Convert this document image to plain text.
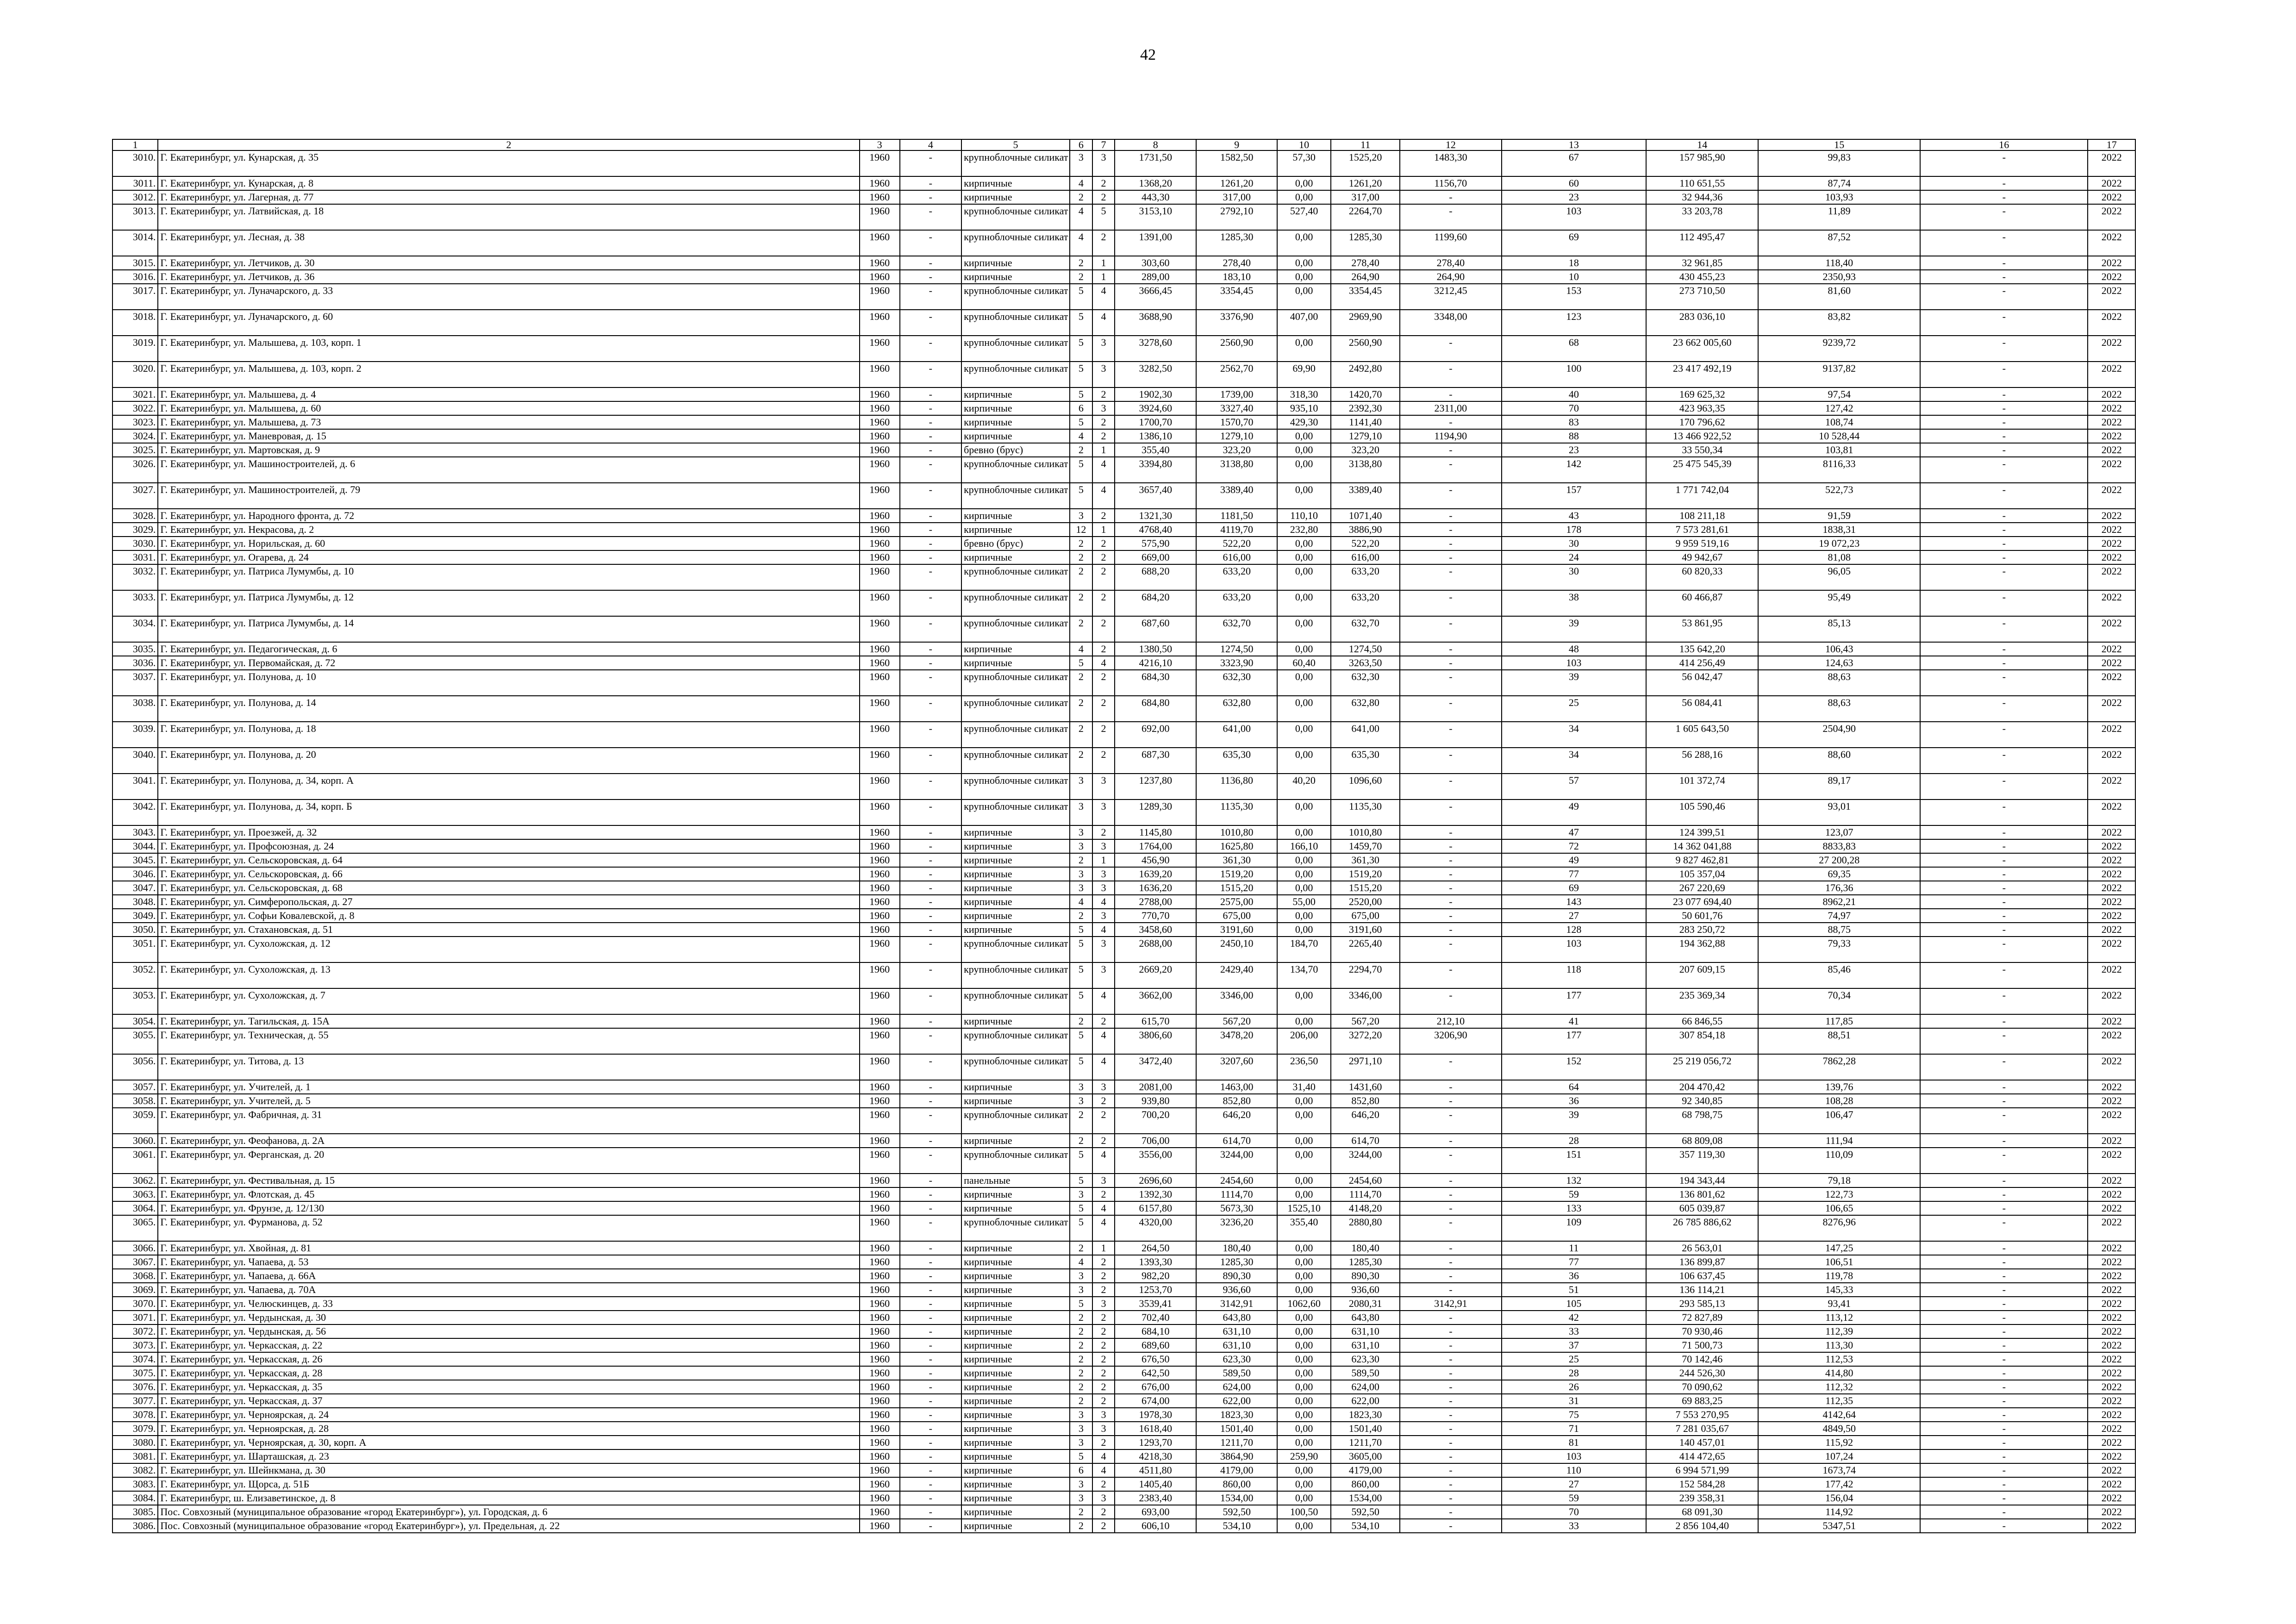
42
1	2	3	4	5	6	7	8	9	10	11	12	13	14	15	16	17
3010.	Г. Екатеринбург, ул. Кунарская, д. 35	1960	-	крупноблочные силикат	3	3	1731,50	1582,50	57,30	1525,20	1483,30	67	157 985,90	99,83	-	2022
3011.	Г. Екатеринбург, ул. Кунарская, д. 8	1960	-	кирпичные	4	2	1368,20	1261,20	0,00	1261,20	1156,70	60	110 651,55	87,74	-	2022
3012.	Г. Екатеринбург, ул. Лагерная, д. 77	1960	-	кирпичные	2	2	443,30	317,00	0,00	317,00	-	23	32 944,36	103,93	-	2022
3013.	Г. Екатеринбург, ул. Латвийская, д. 18	1960	-	крупноблочные силикат	4	5	3153,10	2792,10	527,40	2264,70	-	103	33 203,78	11,89	-	2022
3014.	Г. Екатеринбург, ул. Лесная, д. 38	1960	-	крупноблочные силикат	4	2	1391,00	1285,30	0,00	1285,30	1199,60	69	112 495,47	87,52	-	2022
3015.	Г. Екатеринбург, ул. Летчиков, д. 30	1960	-	кирпичные	2	1	303,60	278,40	0,00	278,40	278,40	18	32 961,85	118,40	-	2022
3016.	Г. Екатеринбург, ул. Летчиков, д. 36	1960	-	кирпичные	2	1	289,00	183,10	0,00	264,90	264,90	10	430 455,23	2350,93	-	2022
3017.	Г. Екатеринбург, ул. Луначарского, д. 33	1960	-	крупноблочные силикат	5	4	3666,45	3354,45	0,00	3354,45	3212,45	153	273 710,50	81,60	-	2022
3018.	Г. Екатеринбург, ул. Луначарского, д. 60	1960	-	крупноблочные силикат	5	4	3688,90	3376,90	407,00	2969,90	3348,00	123	283 036,10	83,82	-	2022
3019.	Г. Екатеринбург, ул. Малышева, д. 103, корп. 1	1960	-	крупноблочные силикат	5	3	3278,60	2560,90	0,00	2560,90	-	68	23 662 005,60	9239,72	-	2022
3020.	Г. Екатеринбург, ул. Малышева, д. 103, корп. 2	1960	-	крупноблочные силикат	5	3	3282,50	2562,70	69,90	2492,80	-	100	23 417 492,19	9137,82	-	2022
3021.	Г. Екатеринбург, ул. Малышева, д. 4	1960	-	кирпичные	5	2	1902,30	1739,00	318,30	1420,70	-	40	169 625,32	97,54	-	2022
3022.	Г. Екатеринбург, ул. Малышева, д. 60	1960	-	кирпичные	6	3	3924,60	3327,40	935,10	2392,30	2311,00	70	423 963,35	127,42	-	2022
3023.	Г. Екатеринбург, ул. Малышева, д. 73	1960	-	кирпичные	5	2	1700,70	1570,70	429,30	1141,40	-	83	170 796,62	108,74	-	2022
3024.	Г. Екатеринбург, ул. Маневровая, д. 15	1960	-	кирпичные	4	2	1386,10	1279,10	0,00	1279,10	1194,90	88	13 466 922,52	10 528,44	-	2022
3025.	Г. Екатеринбург, ул. Мартовская, д. 9	1960	-	бревно (брус)	2	1	355,40	323,20	0,00	323,20	-	23	33 550,34	103,81	-	2022
3026.	Г. Екатеринбург, ул. Машиностроителей, д. 6	1960	-	крупноблочные силикат	5	4	3394,80	3138,80	0,00	3138,80	-	142	25 475 545,39	8116,33	-	2022
3027.	Г. Екатеринбург, ул. Машиностроителей, д. 79	1960	-	крупноблочные силикат	5	4	3657,40	3389,40	0,00	3389,40	-	157	1 771 742,04	522,73	-	2022
3028.	Г. Екатеринбург, ул. Народного фронта, д. 72	1960	-	кирпичные	3	2	1321,30	1181,50	110,10	1071,40	-	43	108 211,18	91,59	-	2022
3029.	Г. Екатеринбург, ул. Некрасова, д. 2	1960	-	кирпичные	12	1	4768,40	4119,70	232,80	3886,90	-	178	7 573 281,61	1838,31	-	2022
3030.	Г. Екатеринбург, ул. Норильская, д. 60	1960	-	бревно (брус)	2	2	575,90	522,20	0,00	522,20	-	30	9 959 519,16	19 072,23	-	2022
3031.	Г. Екатеринбург, ул. Огарева, д. 24	1960	-	кирпичные	2	2	669,00	616,00	0,00	616,00	-	24	49 942,67	81,08	-	2022
3032.	Г. Екатеринбург, ул. Патриса Лумумбы, д. 10	1960	-	крупноблочные силикат	2	2	688,20	633,20	0,00	633,20	-	30	60 820,33	96,05	-	2022
3033.	Г. Екатеринбург, ул. Патриса Лумумбы, д. 12	1960	-	крупноблочные силикат	2	2	684,20	633,20	0,00	633,20	-	38	60 466,87	95,49	-	2022
3034.	Г. Екатеринбург, ул. Патриса Лумумбы, д. 14	1960	-	крупноблочные силикат	2	2	687,60	632,70	0,00	632,70	-	39	53 861,95	85,13	-	2022
3035.	Г. Екатеринбург, ул. Педагогическая, д. 6	1960	-	кирпичные	4	2	1380,50	1274,50	0,00	1274,50	-	48	135 642,20	106,43	-	2022
3036.	Г. Екатеринбург, ул. Первомайская, д. 72	1960	-	кирпичные	5	4	4216,10	3323,90	60,40	3263,50	-	103	414 256,49	124,63	-	2022
3037.	Г. Екатеринбург, ул. Полунова, д. 10	1960	-	крупноблочные силикат	2	2	684,30	632,30	0,00	632,30	-	39	56 042,47	88,63	-	2022
3038.	Г. Екатеринбург, ул. Полунова, д. 14	1960	-	крупноблочные силикат	2	2	684,80	632,80	0,00	632,80	-	25	56 084,41	88,63	-	2022
3039.	Г. Екатеринбург, ул. Полунова, д. 18	1960	-	крупноблочные силикат	2	2	692,00	641,00	0,00	641,00	-	34	1 605 643,50	2504,90	-	2022
3040.	Г. Екатеринбург, ул. Полунова, д. 20	1960	-	крупноблочные силикат	2	2	687,30	635,30	0,00	635,30	-	34	56 288,16	88,60	-	2022
3041.	Г. Екатеринбург, ул. Полунова, д. 34, корп. А	1960	-	крупноблочные силикат	3	3	1237,80	1136,80	40,20	1096,60	-	57	101 372,74	89,17	-	2022
3042.	Г. Екатеринбург, ул. Полунова, д. 34, корп. Б	1960	-	крупноблочные силикат	3	3	1289,30	1135,30	0,00	1135,30	-	49	105 590,46	93,01	-	2022
3043.	Г. Екатеринбург, ул. Проезжей, д. 32	1960	-	кирпичные	3	2	1145,80	1010,80	0,00	1010,80	-	47	124 399,51	123,07	-	2022
3044.	Г. Екатеринбург, ул. Профсоюзная, д. 24	1960	-	кирпичные	3	3	1764,00	1625,80	166,10	1459,70	-	72	14 362 041,88	8833,83	-	2022
3045.	Г. Екатеринбург, ул. Сельскоровская, д. 64	1960	-	кирпичные	2	1	456,90	361,30	0,00	361,30	-	49	9 827 462,81	27 200,28	-	2022
3046.	Г. Екатеринбург, ул. Сельскоровская, д. 66	1960	-	кирпичные	3	3	1639,20	1519,20	0,00	1519,20	-	77	105 357,04	69,35	-	2022
3047.	Г. Екатеринбург, ул. Сельскоровская, д. 68	1960	-	кирпичные	3	3	1636,20	1515,20	0,00	1515,20	-	69	267 220,69	176,36	-	2022
3048.	Г. Екатеринбург, ул. Симферопольская, д. 27	1960	-	кирпичные	4	4	2788,00	2575,00	55,00	2520,00	-	143	23 077 694,40	8962,21	-	2022
3049.	Г. Екатеринбург, ул. Софьи Ковалевской, д. 8	1960	-	кирпичные	2	3	770,70	675,00	0,00	675,00	-	27	50 601,76	74,97	-	2022
3050.	Г. Екатеринбург, ул. Стахановская, д. 51	1960	-	кирпичные	5	4	3458,60	3191,60	0,00	3191,60	-	128	283 250,72	88,75	-	2022
3051.	Г. Екатеринбург, ул. Сухоложская, д. 12	1960	-	крупноблочные силикат	5	3	2688,00	2450,10	184,70	2265,40	-	103	194 362,88	79,33	-	2022
3052.	Г. Екатеринбург, ул. Сухоложская, д. 13	1960	-	крупноблочные силикат	5	3	2669,20	2429,40	134,70	2294,70	-	118	207 609,15	85,46	-	2022
3053.	Г. Екатеринбург, ул. Сухоложская, д. 7	1960	-	крупноблочные силикат	5	4	3662,00	3346,00	0,00	3346,00	-	177	235 369,34	70,34	-	2022
3054.	Г. Екатеринбург, ул. Тагильская, д. 15А	1960	-	кирпичные	2	2	615,70	567,20	0,00	567,20	212,10	41	66 846,55	117,85	-	2022
3055.	Г. Екатеринбург, ул. Техническая, д. 55	1960	-	крупноблочные силикат	5	4	3806,60	3478,20	206,00	3272,20	3206,90	177	307 854,18	88,51	-	2022
3056.	Г. Екатеринбург, ул. Титова, д. 13	1960	-	крупноблочные силикат	5	4	3472,40	3207,60	236,50	2971,10	-	152	25 219 056,72	7862,28	-	2022
3057.	Г. Екатеринбург, ул. Учителей, д. 1	1960	-	кирпичные	3	3	2081,00	1463,00	31,40	1431,60	-	64	204 470,42	139,76	-	2022
3058.	Г. Екатеринбург, ул. Учителей, д. 5	1960	-	кирпичные	3	2	939,80	852,80	0,00	852,80	-	36	92 340,85	108,28	-	2022
3059.	Г. Екатеринбург, ул. Фабричная, д. 31	1960	-	крупноблочные силикат	2	2	700,20	646,20	0,00	646,20	-	39	68 798,75	106,47	-	2022
3060.	Г. Екатеринбург, ул. Феофанова, д. 2А	1960	-	кирпичные	2	2	706,00	614,70	0,00	614,70	-	28	68 809,08	111,94	-	2022
3061.	Г. Екатеринбург, ул. Ферганская, д. 20	1960	-	крупноблочные силикат	5	4	3556,00	3244,00	0,00	3244,00	-	151	357 119,30	110,09	-	2022
3062.	Г. Екатеринбург, ул. Фестивальная, д. 15	1960	-	панельные	5	3	2696,60	2454,60	0,00	2454,60	-	132	194 343,44	79,18	-	2022
3063.	Г. Екатеринбург, ул. Флотская, д. 45	1960	-	кирпичные	3	2	1392,30	1114,70	0,00	1114,70	-	59	136 801,62	122,73	-	2022
3064.	Г. Екатеринбург, ул. Фрунзе, д. 12/130	1960	-	кирпичные	5	4	6157,80	5673,30	1525,10	4148,20	-	133	605 039,87	106,65	-	2022
3065.	Г. Екатеринбург, ул. Фурманова, д. 52	1960	-	крупноблочные силикат	5	4	4320,00	3236,20	355,40	2880,80	-	109	26 785 886,62	8276,96	-	2022
3066.	Г. Екатеринбург, ул. Хвойная, д. 81	1960	-	кирпичные	2	1	264,50	180,40	0,00	180,40	-	11	26 563,01	147,25	-	2022
3067.	Г. Екатеринбург, ул. Чапаева, д. 53	1960	-	кирпичные	4	2	1393,30	1285,30	0,00	1285,30	-	77	136 899,87	106,51	-	2022
3068.	Г. Екатеринбург, ул. Чапаева, д. 66А	1960	-	кирпичные	3	2	982,20	890,30	0,00	890,30	-	36	106 637,45	119,78	-	2022
3069.	Г. Екатеринбург, ул. Чапаева, д. 70А	1960	-	кирпичные	3	2	1253,70	936,60	0,00	936,60	-	51	136 114,21	145,33	-	2022
3070.	Г. Екатеринбург, ул. Челюскинцев, д. 33	1960	-	кирпичные	5	3	3539,41	3142,91	1062,60	2080,31	3142,91	105	293 585,13	93,41	-	2022
3071.	Г. Екатеринбург, ул. Чердынская, д. 30	1960	-	кирпичные	2	2	702,40	643,80	0,00	643,80	-	42	72 827,89	113,12	-	2022
3072.	Г. Екатеринбург, ул. Чердынская, д. 56	1960	-	кирпичные	2	2	684,10	631,10	0,00	631,10	-	33	70 930,46	112,39	-	2022
3073.	Г. Екатеринбург, ул. Черкасская, д. 22	1960	-	кирпичные	2	2	689,60	631,10	0,00	631,10	-	37	71 500,73	113,30	-	2022
3074.	Г. Екатеринбург, ул. Черкасская, д. 26	1960	-	кирпичные	2	2	676,50	623,30	0,00	623,30	-	25	70 142,46	112,53	-	2022
3075.	Г. Екатеринбург, ул. Черкасская, д. 28	1960	-	кирпичные	2	2	642,50	589,50	0,00	589,50	-	28	244 526,30	414,80	-	2022
3076.	Г. Екатеринбург, ул. Черкасская, д. 35	1960	-	кирпичные	2	2	676,00	624,00	0,00	624,00	-	26	70 090,62	112,32	-	2022
3077.	Г. Екатеринбург, ул. Черкасская, д. 37	1960	-	кирпичные	2	2	674,00	622,00	0,00	622,00	-	31	69 883,25	112,35	-	2022
3078.	Г. Екатеринбург, ул. Черноярская, д. 24	1960	-	кирпичные	3	3	1978,30	1823,30	0,00	1823,30	-	75	7 553 270,95	4142,64	-	2022
3079.	Г. Екатеринбург, ул. Черноярская, д. 28	1960	-	кирпичные	3	3	1618,40	1501,40	0,00	1501,40	-	71	7 281 035,67	4849,50	-	2022
3080.	Г. Екатеринбург, ул. Черноярская, д. 30, корп. А	1960	-	кирпичные	3	2	1293,70	1211,70	0,00	1211,70	-	81	140 457,01	115,92	-	2022
3081.	Г. Екатеринбург, ул. Шарташская, д. 23	1960	-	кирпичные	5	4	4218,30	3864,90	259,90	3605,00	-	103	414 472,65	107,24	-	2022
3082.	Г. Екатеринбург, ул. Шейнкмана, д. 30	1960	-	кирпичные	6	4	4511,80	4179,00	0,00	4179,00	-	110	6 994 571,99	1673,74	-	2022
3083.	Г. Екатеринбург, ул. Щорса, д. 51Б	1960	-	кирпичные	3	2	1405,40	860,00	0,00	860,00	-	27	152 584,28	177,42	-	2022
3084.	Г. Екатеринбург, ш. Елизаветинское, д. 8	1960	-	кирпичные	3	3	2383,40	1534,00	0,00	1534,00	-	59	239 358,31	156,04	-	2022
3085.	Пос. Совхозный (муниципальное образование «город Екатеринбург»), ул. Городская, д. 6	1960	-	кирпичные	2	2	693,00	592,50	100,50	592,50	-	70	68 091,30	114,92	-	2022
3086.	Пос. Совхозный (муниципальное образование «город Екатеринбург»), ул. Предельная, д. 22	1960	-	кирпичные	2	2	606,10	534,10	0,00	534,10	-	33	2 856 104,40	5347,51	-	2022
